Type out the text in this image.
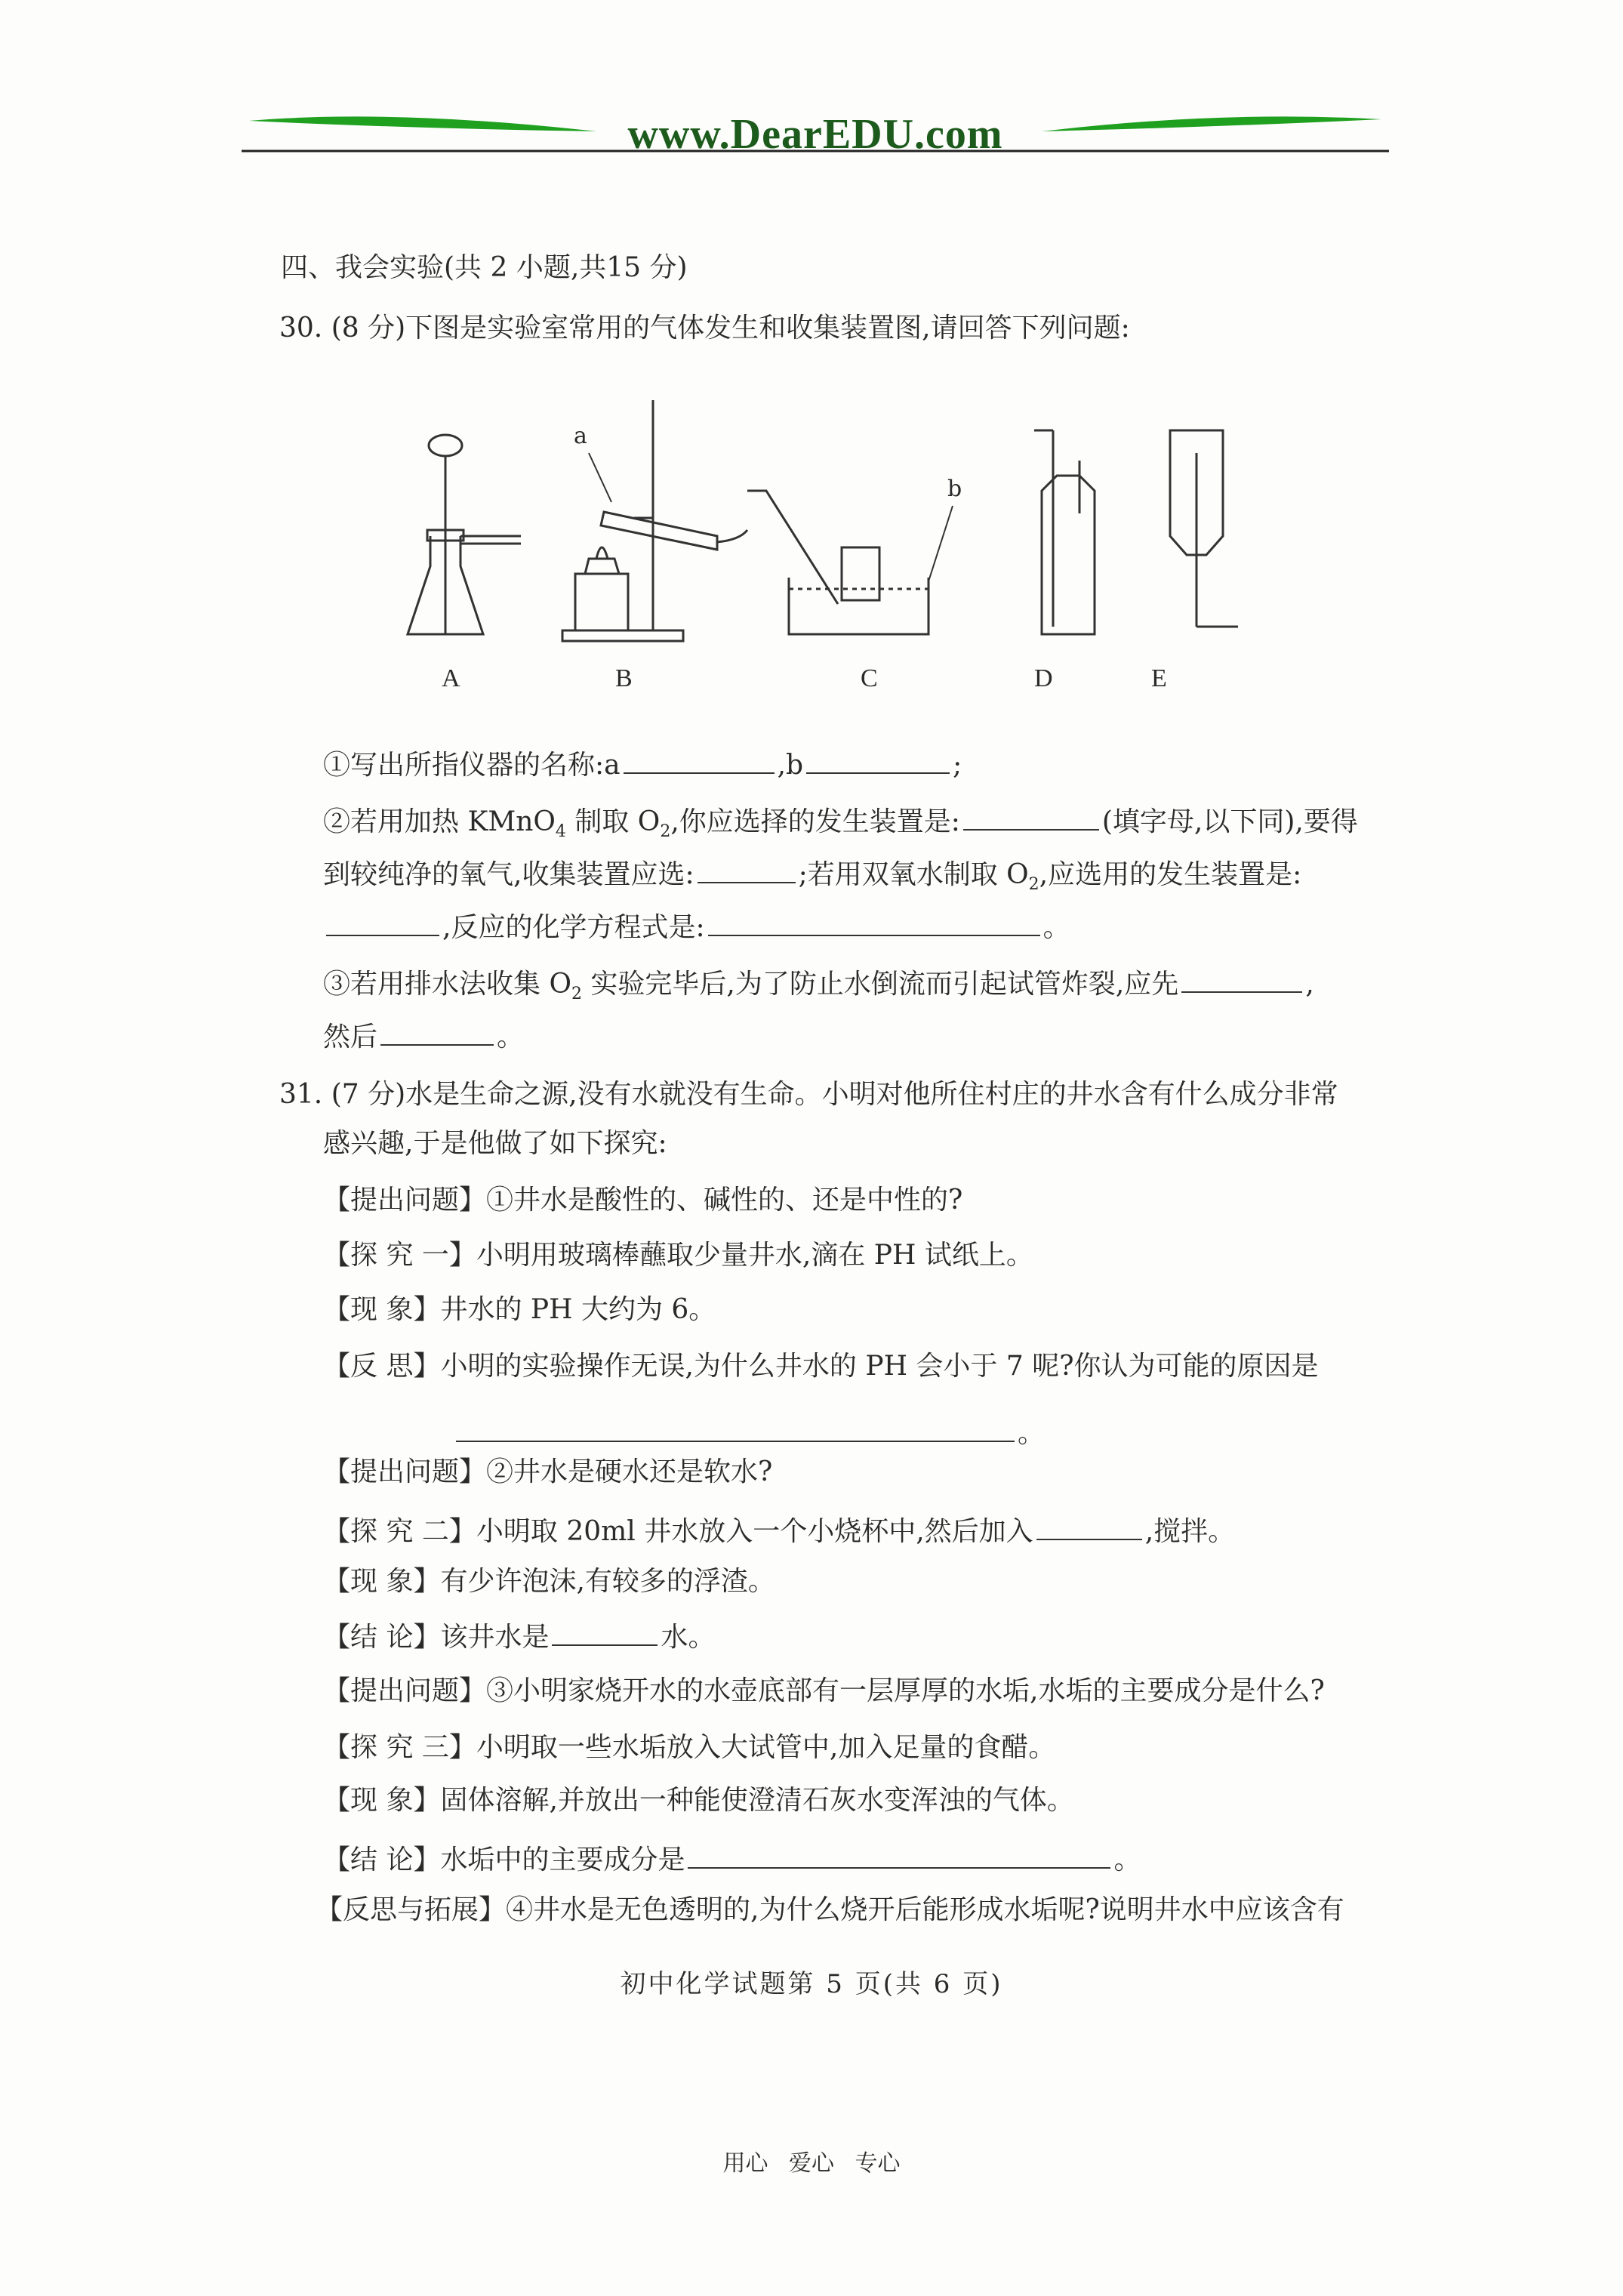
www.DearEDU.com
四、我会实验(共 2 小题,共15 分)
30. (8 分)下图是实验室常用的气体发生和收集装置图,请回答下列问题:
a
b
A	B	C	D	E
①写出所指仪器的名称:a	,b	;
②若用加热 KMnO$_4$ 制取 $O_2$,你应选择的发生装置是:	(填字母,以下同),要得
到较纯净的氧气,收集装置应选:	;若用双氧水制取 $O_2$,应选用的发生装置是:
,反应的化学方程式是:	。
③若用排水法收集 $O_2$ 实验完毕后,为了防止水倒流而引起试管炸裂,应先	,
然后	。
31. (7 分)水是生命之源,没有水就没有生命。小明对他所住村庄的井水含有什么成分非常
感兴趣,于是他做了如下探究:
【提出问题】①井水是酸性的、碱性的、还是中性的?
【探 究 一】小明用玻璃棒蘸取少量井水,滴在 PH 试纸上。
【现 象】井水的 PH 大约为 6。
【反 思】小明的实验操作无误,为什么井水的 PH 会小于 7 呢?你认为可能的原因是
。
【提出问题】②井水是硬水还是软水?
【探 究 二】小明取 20ml 井水放入一个小烧杯中,然后加入	,搅拌。
【现 象】有少许泡沫,有较多的浮渣。
【结 论】该井水是	水。
【提出问题】③小明家烧开水的水壶底部有一层厚厚的水垢,水垢的主要成分是什么?
【探 究 三】小明取一些水垢放入大试管中,加入足量的食醋。
【现 象】固体溶解,并放出一种能使澄清石灰水变浑浊的气体。
【结 论】水垢中的主要成分是	。
【反思与拓展】④井水是无色透明的,为什么烧开后能形成水垢呢?说明井水中应该含有
初中化学试题第 5 页(共 6 页)
用心 爱心 专心
